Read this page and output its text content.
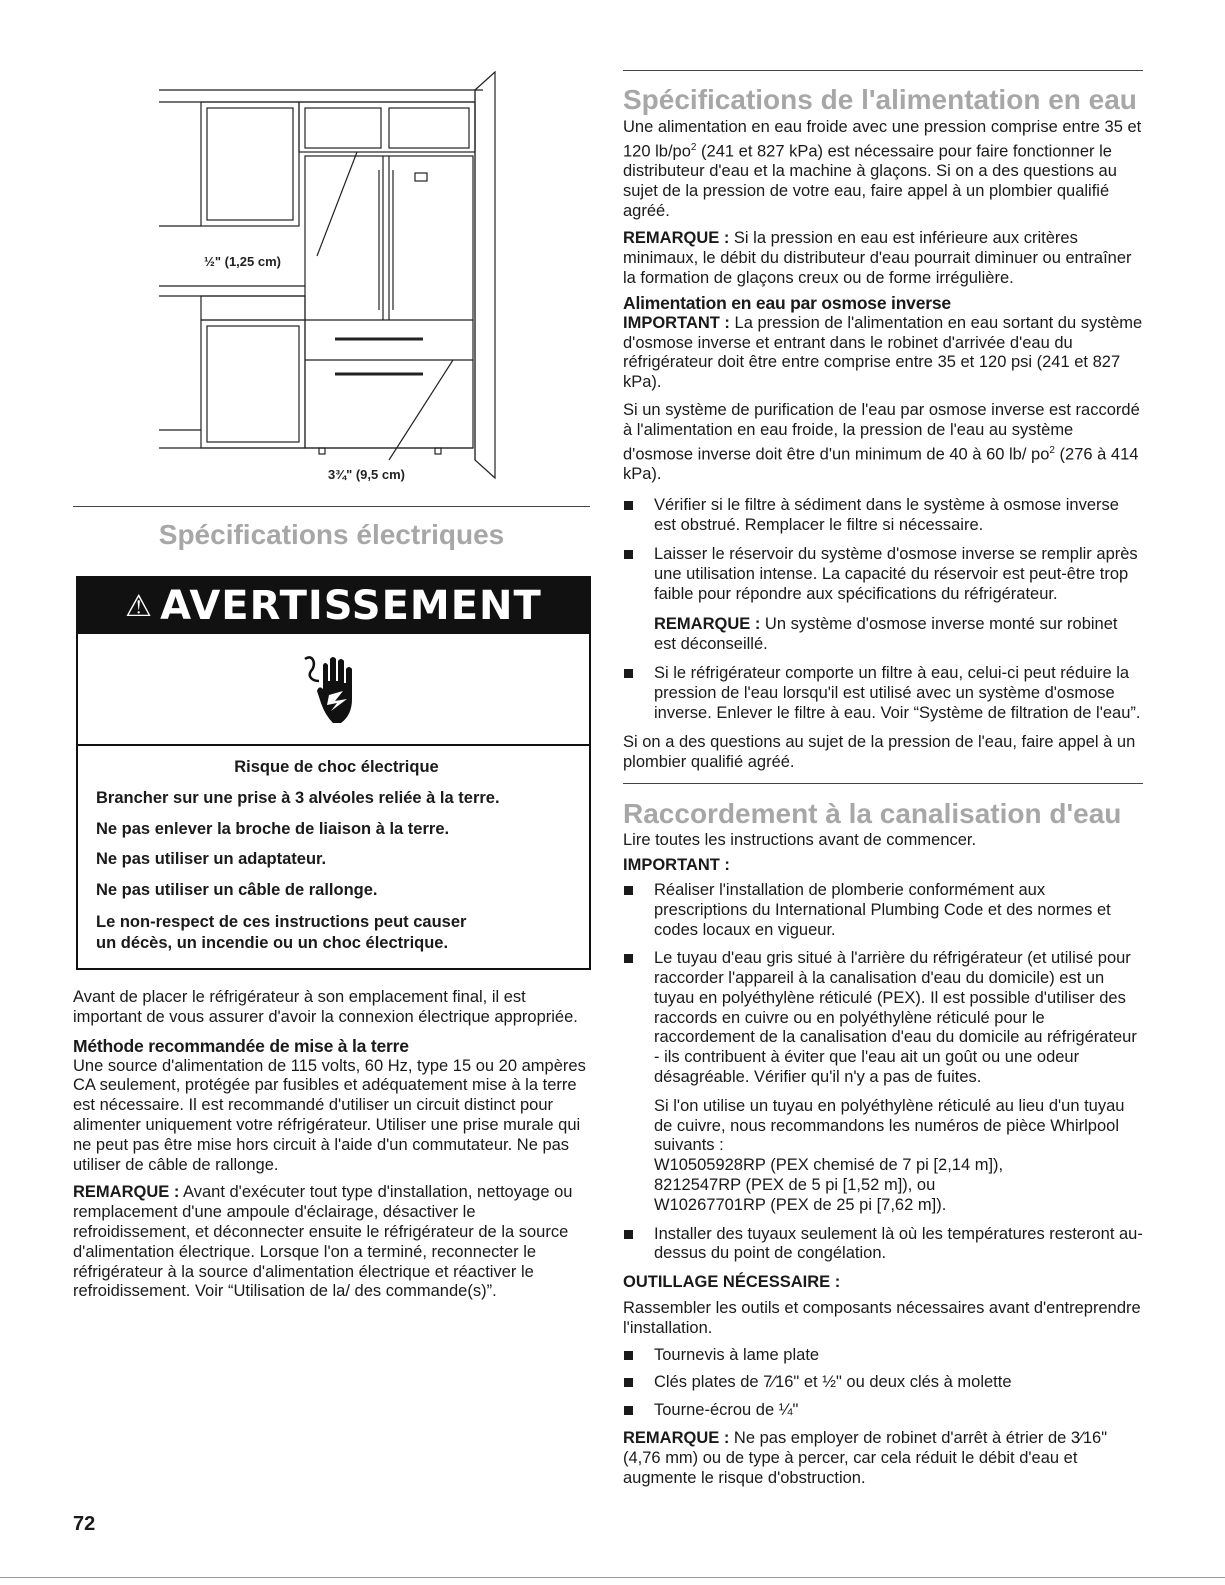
½" (1,25 cm)
3¾" (9,5 cm)
Spécifications électriques
⚠ AVERTISSEMENT

Risque de choc électrique

Brancher sur une prise à 3 alvéoles reliée à la terre.

Ne pas enlever la broche de liaison à la terre.

Ne pas utiliser un adaptateur.

Ne pas utiliser un câble de rallonge.

Le non-respect de ces instructions peut causer
un décès, un incendie ou un choc électrique.

Avant de placer le réfrigérateur à son emplacement final, il est important de vous assurer d'avoir la connexion électrique appropriée.

Méthode recommandée de mise à la terre

Une source d'alimentation de 115 volts, 60 Hz, type 15 ou 20 ampères CA seulement, protégée par fusibles et adéquatement mise à la terre est nécessaire. Il est recommandé d'utiliser un circuit distinct pour alimenter uniquement votre réfrigérateur. Utiliser une prise murale qui ne peut pas être mise hors circuit à l'aide d'un commutateur. Ne pas utiliser de câble de rallonge.

REMARQUE : Avant d'exécuter tout type d'installation, nettoyage ou remplacement d'une ampoule d'éclairage, désactiver le refroidissement, et déconnecter ensuite le réfrigérateur de la source d'alimentation électrique. Lorsque l'on a terminé, reconnecter le réfrigérateur à la source d'alimentation électrique et réactiver le refroidissement. Voir “Utilisation de la/ des commande(s)”.

Spécifications de l'alimentation en eau

Une alimentation en eau froide avec une pression comprise entre 35 et 120 $lb/po^2$ (241 et 827 kPa) est nécessaire pour faire fonctionner le distributeur d'eau et la machine à glaçons. Si on a des questions au sujet de la pression de votre eau, faire appel à un plombier qualifié agréé.

REMARQUE : Si la pression en eau est inférieure aux critères minimaux, le débit du distributeur d'eau pourrait diminuer ou entraîner la formation de glaçons creux ou de forme irrégulière.

Alimentation en eau par osmose inverse

IMPORTANT : La pression de l'alimentation en eau sortant du système d'osmose inverse et entrant dans le robinet d'arrivée d'eau du réfrigérateur doit être entre comprise entre 35 et 120 psi (241 et 827 kPa).

Si un système de purification de l'eau par osmose inverse est raccordé à l'alimentation en eau froide, la pression de l'eau au système d'osmose inverse doit être d'un minimum de 40 à 60 lb/ $po^2$ (276 à 414 kPa).

Vérifier si le filtre à sédiment dans le système à osmose inverse est obstrué. Remplacer le filtre si nécessaire.
Laisser le réservoir du système d'osmose inverse se remplir après une utilisation intense. La capacité du réservoir est peut-être trop faible pour répondre aux spécifications du réfrigérateur.

REMARQUE : Un système d'osmose inverse monté sur robinet est déconseillé.

Si le réfrigérateur comporte un filtre à eau, celui-ci peut réduire la pression de l'eau lorsqu'il est utilisé avec un système d'osmose inverse. Enlever le filtre à eau. Voir “Système de filtration de l'eau”.

Si on a des questions au sujet de la pression de l'eau, faire appel à un plombier qualifié agréé.

Raccordement à la canalisation d'eau

Lire toutes les instructions avant de commencer.

IMPORTANT :

Réaliser l'installation de plomberie conformément aux prescriptions du International Plumbing Code et des normes et codes locaux en vigueur.
Le tuyau d'eau gris situé à l'arrière du réfrigérateur (et utilisé pour raccorder l'appareil à la canalisation d'eau du domicile) est un tuyau en polyéthylène réticulé (PEX). Il est possible d'utiliser des raccords en cuivre ou en polyéthylène réticulé pour le raccordement de la canalisation d'eau du domicile au réfrigérateur - ils contribuent à éviter que l'eau ait un goût ou une odeur désagréable. Vérifier qu'il n'y a pas de fuites.

Si l'on utilise un tuyau en polyéthylène réticulé au lieu d'un tuyau de cuivre, nous recommandons les numéros de pièce Whirlpool suivants :
W10505928RP (PEX chemisé de 7 pi [2,14 m]),
8212547RP (PEX de 5 pi [1,52 m]), ou
W10267701RP (PEX de 25 pi [7,62 m]).

Installer des tuyaux seulement là où les températures resteront au-dessus du point de congélation.

OUTILLAGE NÉCESSAIRE :

Rassembler les outils et composants nécessaires avant d'entreprendre l'installation.

Tournevis à lame plate
Clés plates de 7⁄16" et ½" ou deux clés à molette
Tourne-écrou de ¼"

REMARQUE : Ne pas employer de robinet d'arrêt à étrier de 3⁄16" (4,76 mm) ou de type à percer, car cela réduit le débit d'eau et augmente le risque d'obstruction.

72
